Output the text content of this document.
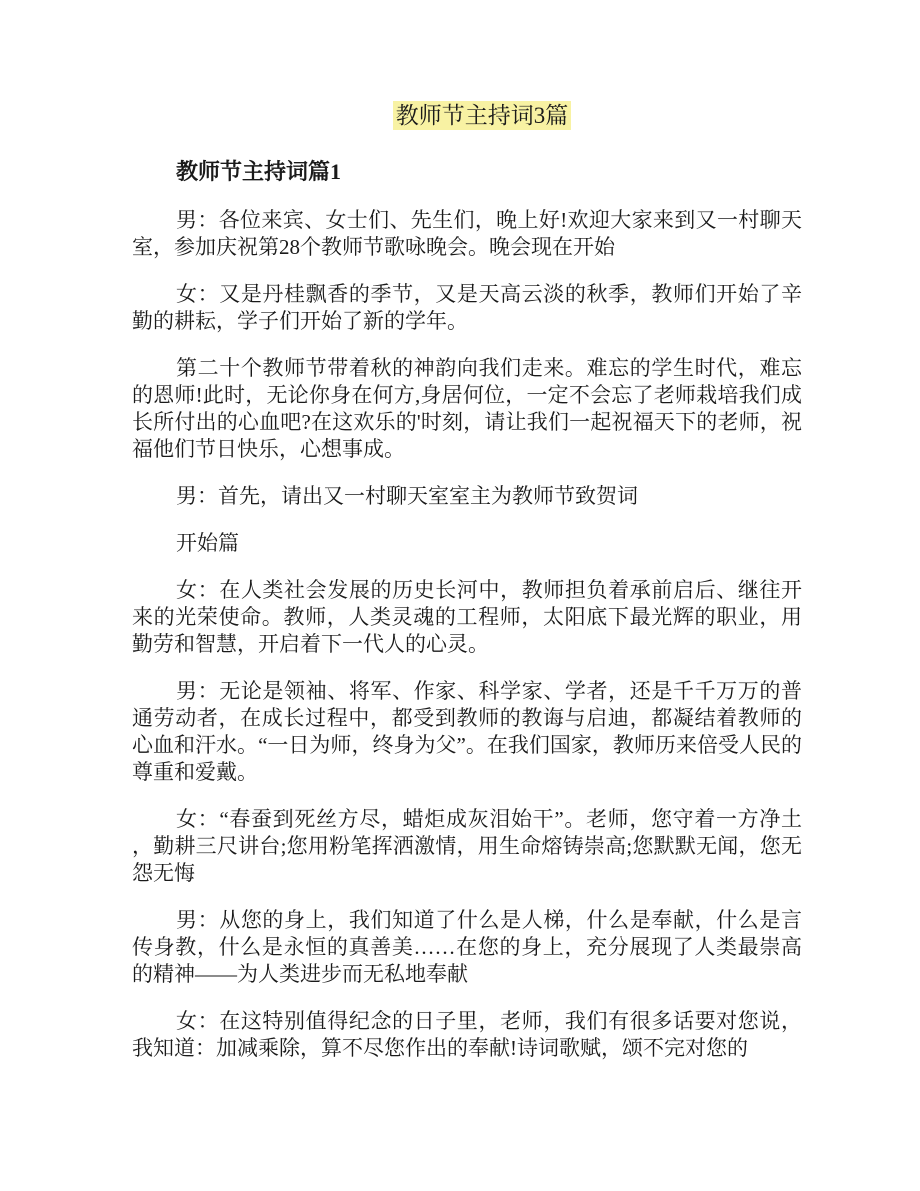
教师节主持词3篇
教师节主持词篇1

男：各位来宾、女士们、先生们，晚上好!欢迎大家来到又一村聊天室，参加庆祝第28个教师节歌咏晚会。晚会现在开始

女：又是丹桂飘香的季节，又是天高云淡的秋季，教师们开始了辛勤的耕耘，学子们开始了新的学年。

第二十个教师节带着秋的神韵向我们走来。难忘的学生时代，难忘的恩师!此时，无论你身在何方,身居何位，一定不会忘了老师栽培我们成长所付出的心血吧?在这欢乐的'时刻，请让我们一起祝福天下的老师，祝福他们节日快乐，心想事成。

男：首先，请出又一村聊天室室主为教师节致贺词

开始篇

女：在人类社会发展的历史长河中，教师担负着承前启后、继往开来的光荣使命。教师，人类灵魂的工程师，太阳底下最光辉的职业，用勤劳和智慧，开启着下一代人的心灵。

男：无论是领袖、将军、作家、科学家、学者，还是千千万万的普通劳动者，在成长过程中，都受到教师的教诲与启迪，都凝结着教师的心血和汗水。“一日为师，终身为父”。在我们国家，教师历来倍受人民的尊重和爱戴。

女：“春蚕到死丝方尽，蜡炬成灰泪始干”。老师，您守着一方净土，勤耕三尺讲台;您用粉笔挥洒激情，用生命熔铸崇高;您默默无闻，您无怨无悔

男：从您的身上，我们知道了什么是人梯，什么是奉献，什么是言传身教，什么是永恒的真善美……在您的身上，充分展现了人类最崇高的精神——为人类进步而无私地奉献

女：在这特别值得纪念的日子里，老师，我们有很多话要对您说，我知道：加减乘除，算不尽您作出的奉献!诗词歌赋，颂不完对您的
